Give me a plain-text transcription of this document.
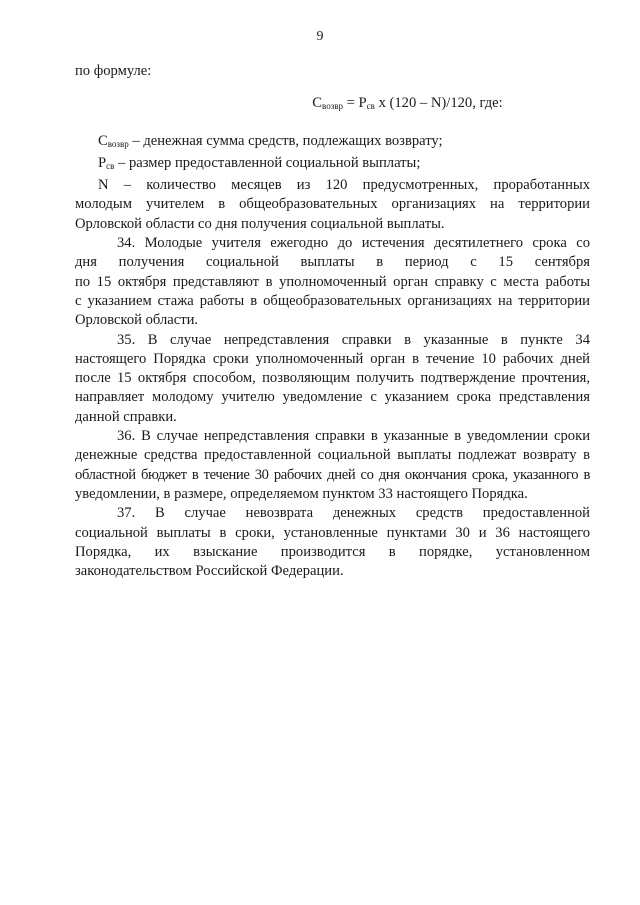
9
по формуле:
$С_{возвр} = Р_{св}$ х (120 – N)/120, где:
$С_{возвр}$ – денежная сумма средств, подлежащих возврату;
$Р_{св}$ – размер предоставленной социальной выплаты;
N – количество месяцев из 120 предусмотренных, проработанных
молодым учителем в общеобразовательных организациях на территории
Орловской области со дня получения социальной выплаты.
34. Молодые учителя ежегодно до истечения десятилетнего срока со
дня получения социальной выплаты в период с 15 сентября
по 15 октября представляют в уполномоченный орган справку с места работы
с указанием стажа работы в общеобразовательных организациях на территории
Орловской области.
35. В случае непредставления справки в указанные в пункте 34
настоящего Порядка сроки уполномоченный орган в течение 10 рабочих дней
после 15 октября способом, позволяющим получить подтверждение прочтения,
направляет молодому учителю уведомление с указанием срока представления
данной справки.
36. В случае непредставления справки в указанные в уведомлении сроки
денежные средства предоставленной социальной выплаты подлежат возврату в
областной бюджет в течение 30 рабочих дней со дня окончания срока, указанного в
уведомлении, в размере, определяемом пунктом 33 настоящего Порядка.
37. В случае невозврата денежных средств предоставленной
социальной выплаты в сроки, установленные пунктами 30 и 36 настоящего
Порядка, их взыскание производится в порядке, установленном
законодательством Российской Федерации.
